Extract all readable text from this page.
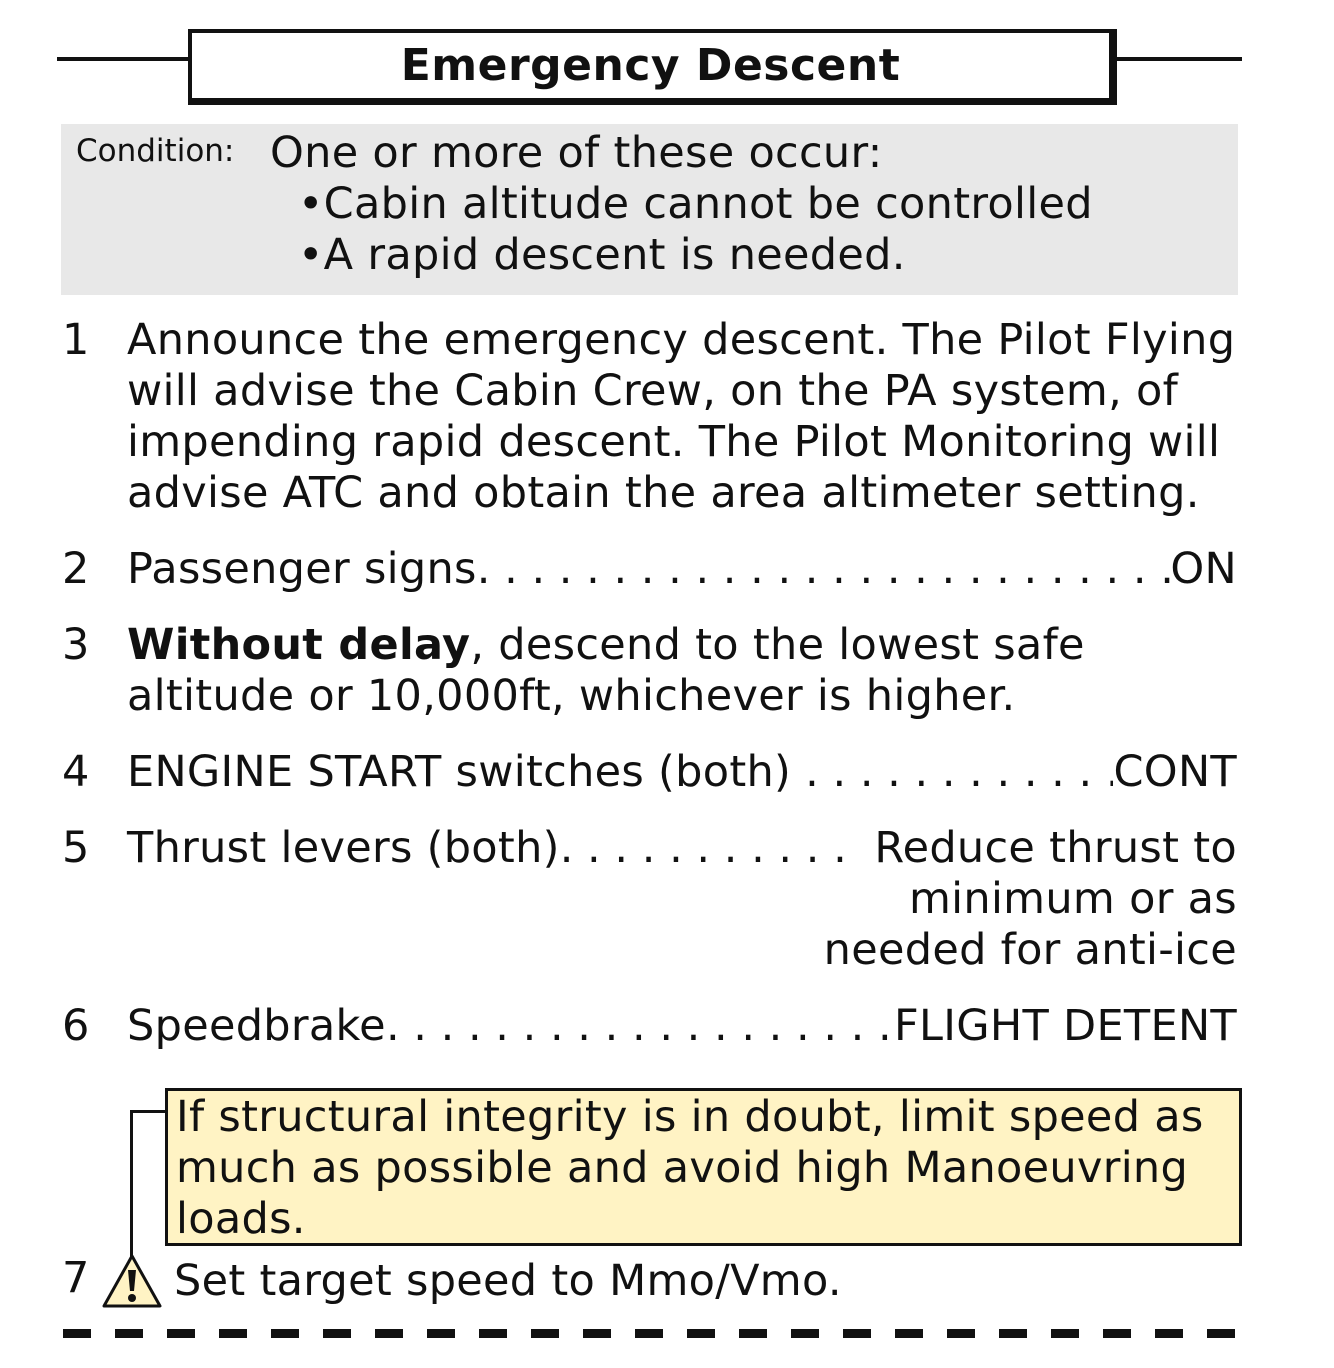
Emergency Descent
Condition: One or more of these occur:
•Cabin altitude cannot be controlled
•A rapid descent is needed.
1 Announce the emergency descent. The Pilot Flying
will advise the Cabin Crew, on the PA system, of
impending rapid descent. The Pilot Monitoring will
advise ATC and obtain the area altimeter setting.
2 Passenger signs . . .	ON
3 Without delay, descend to the lowest safe
altitude or 10,000ft, whichever is higher.
4 ENGINE START switches (both) . . .	CONT
5 Thrust levers (both) . . .	Reduce thrust to
minimum or as
needed for anti-ice
6 Speedbrake . . .	FLIGHT DETENT
If structural integrity is in doubt, limit speed as
much as possible and avoid high Manoeuvring
loads.
7 Set target speed to Mmo/Vmo.
